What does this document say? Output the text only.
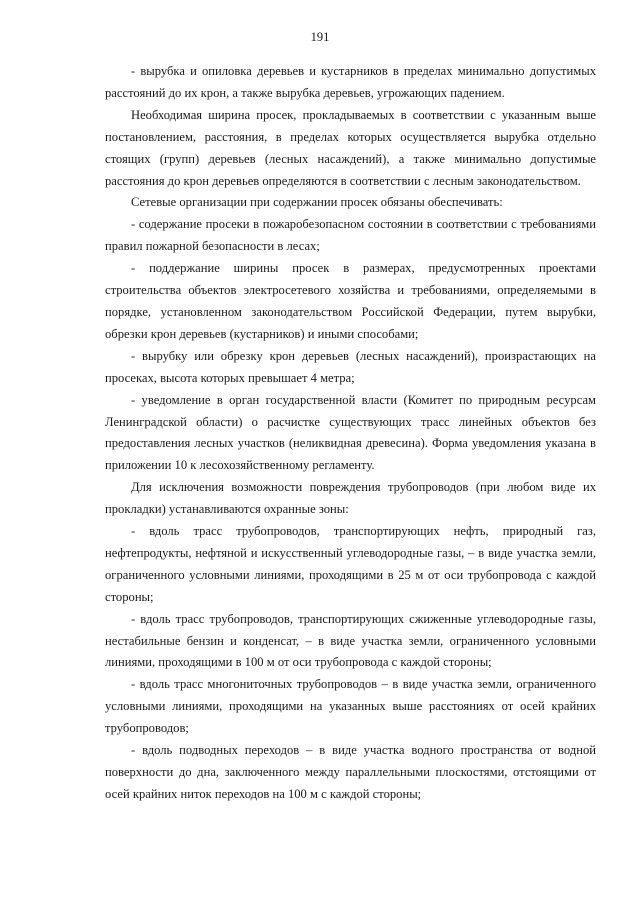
191

- вырубка и опиловка деревьев и кустарников в пределах минимально допустимых расстояний до их крон, а также вырубка деревьев, угрожающих падением.

Необходимая ширина просек, прокладываемых в соответствии с указанным выше постановлением, расстояния, в пределах которых осуществляется вырубка отдельно стоящих (групп) деревьев (лесных насаждений), а также минимально допустимые расстояния до крон деревьев определяются в соответствии с лесным законодательством.

Сетевые организации при содержании просек обязаны обеспечивать:

- содержание просеки в пожаробезопасном состоянии в соответствии с требованиями правил пожарной безопасности в лесах;

- поддержание ширины просек в размерах, предусмотренных проектами строительства объектов электросетевого хозяйства и требованиями, определяемыми в порядке, установленном законодательством Российской Федерации, путем вырубки, обрезки крон деревьев (кустарников) и иными способами;

- вырубку или обрезку крон деревьев (лесных насаждений), произрастающих на просеках, высота которых превышает 4 метра;

- уведомление в орган государственной власти (Комитет по природным ресурсам Ленинградской области) о расчистке существующих трасс линейных объектов без предоставления лесных участков (неликвидная древесина). Форма уведомления указана в приложении 10 к лесохозяйственному регламенту.

Для исключения возможности повреждения трубопроводов (при любом виде их прокладки) устанавливаются охранные зоны:

- вдоль трасс трубопроводов, транспортирующих нефть, природный газ, нефтепродукты, нефтяной и искусственный углеводородные газы, – в виде участка земли, ограниченного условными линиями, проходящими в 25 м от оси трубопровода с каждой стороны;

- вдоль трасс трубопроводов, транспортирующих сжиженные углеводородные газы, нестабильные бензин и конденсат, – в виде участка земли, ограниченного условными линиями, проходящими в 100 м от оси трубопровода с каждой стороны;

- вдоль трасс многониточных трубопроводов – в виде участка земли, ограниченного условными линиями, проходящими на указанных выше расстояниях от осей крайних трубопроводов;

- вдоль подводных переходов – в виде участка водного пространства от водной поверхности до дна, заключенного между параллельными плоскостями, отстоящими от осей крайних ниток переходов на 100 м с каждой стороны;
